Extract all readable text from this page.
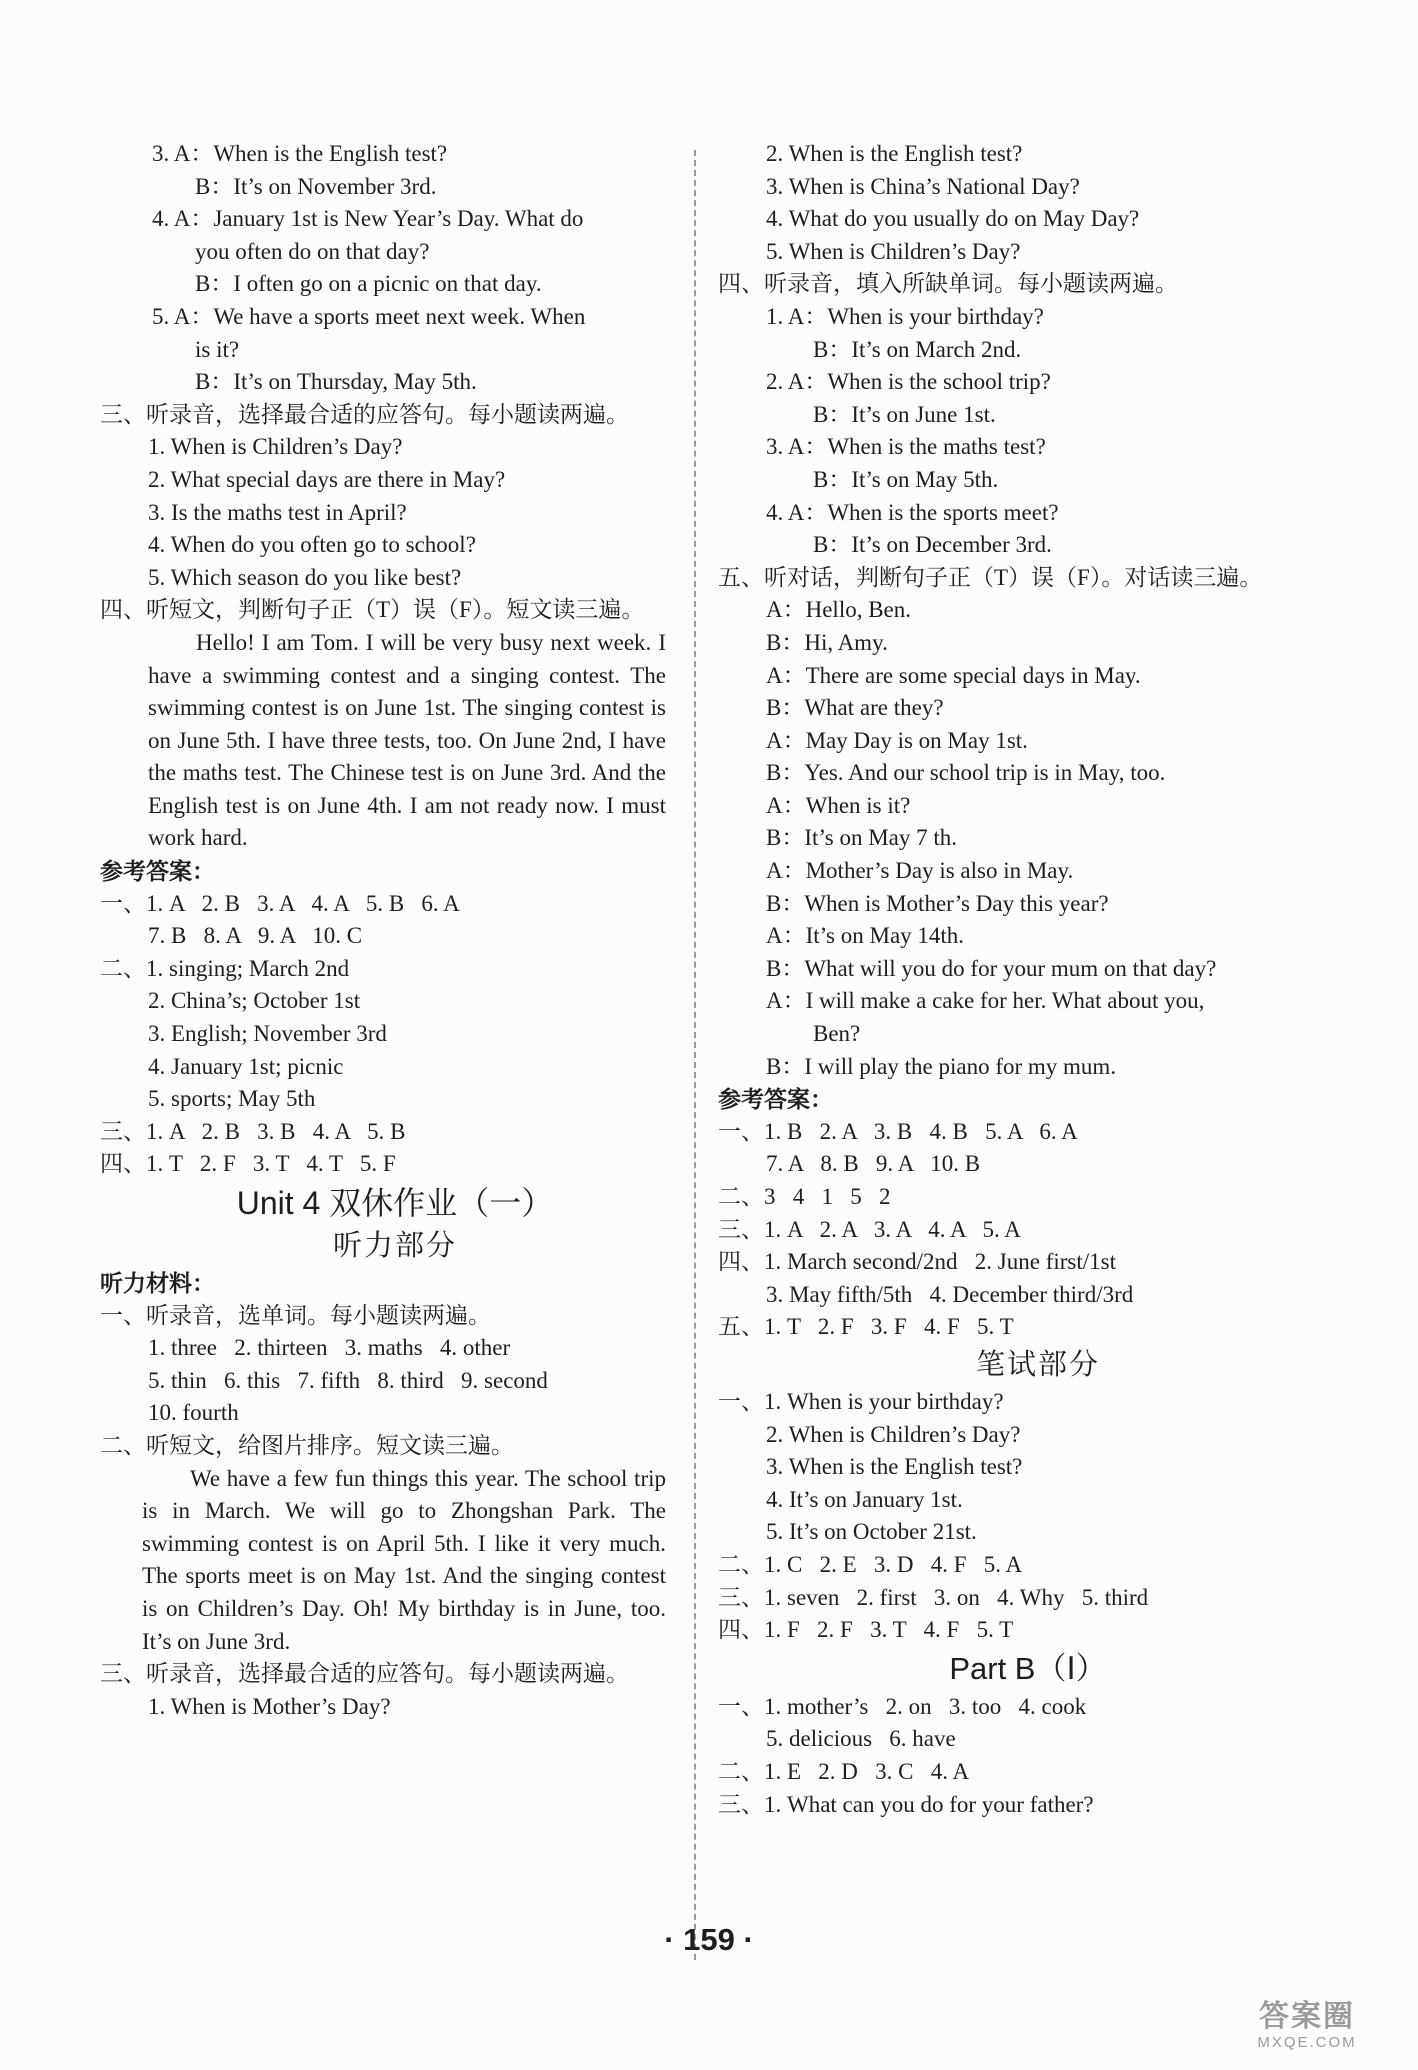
3. A：When is the English test?
B：It’s on November 3rd.
4. A：January 1st is New Year’s Day. What do
you often do on that day?
B：I often go on a picnic on that day.
5. A：We have a sports meet next week. When
is it?
B：It’s on Thursday, May 5th.
三、听录音，选择最合适的应答句。每小题读两遍。
1. When is Children’s Day?
2. What special days are there in May?
3. Is the maths test in April?
4. When do you often go to school?
5. Which season do you like best?
四、听短文，判断句子正（T）误（F）。短文读三遍。
Hello! I am Tom. I will be very busy next week. I have a swimming contest and a singing contest. The swimming contest is on June 1st. The singing contest is on June 5th. I have three tests, too. On June 2nd, I have the maths test. The Chinese test is on June 3rd. And the English test is on June 4th. I am not ready now. I must work hard.
参考答案：
一、1. A   2. B   3. A   4. A   5. B   6. A
7. B   8. A   9. A   10. C
二、1. singing; March 2nd
2. China’s; October 1st
3. English; November 3rd
4. January 1st; picnic
5. sports; May 5th
三、1. A   2. B   3. B   4. A   5. B
四、1. T   2. F   3. T   4. T   5. F
Unit 4 双休作业（一）
听力部分
听力材料：
一、听录音，选单词。每小题读两遍。
1. three   2. thirteen   3. maths   4. other
5. thin   6. this   7. fifth   8. third   9. second
10. fourth
二、听短文，给图片排序。短文读三遍。
We have a few fun things this year. The school trip is in March. We will go to Zhongshan Park. The swimming contest is on April 5th. I like it very much. The sports meet is on May 1st. And the singing contest is on Children’s Day. Oh! My birthday is in June, too. It’s on June 3rd.
三、听录音，选择最合适的应答句。每小题读两遍。
1. When is Mother’s Day?
2. When is the English test?
3. When is China’s National Day?
4. What do you usually do on May Day?
5. When is Children’s Day?
四、听录音，填入所缺单词。每小题读两遍。
1. A：When is your birthday?
B：It’s on March 2nd.
2. A：When is the school trip?
B：It’s on June 1st.
3. A：When is the maths test?
B：It’s on May 5th.
4. A：When is the sports meet?
B：It’s on December 3rd.
五、听对话，判断句子正（T）误（F）。对话读三遍。
A：Hello, Ben.
B：Hi, Amy.
A：There are some special days in May.
B：What are they?
A：May Day is on May 1st.
B：Yes. And our school trip is in May, too.
A：When is it?
B：It’s on May 7 th.
A：Mother’s Day is also in May.
B：When is Mother’s Day this year?
A：It’s on May 14th.
B：What will you do for your mum on that day?
A：I will make a cake for her. What about you,
Ben?
B：I will play the piano for my mum.
参考答案：
一、1. B   2. A   3. B   4. B   5. A   6. A
7. A   8. B   9. A   10. B
二、3   4   1   5   2
三、1. A   2. A   3. A   4. A   5. A
四、1. March second/2nd   2. June first/1st
3. May fifth/5th   4. December third/3rd
五、1. T   2. F   3. F   4. F   5. T
笔试部分
一、1. When is your birthday?
2. When is Children’s Day?
3. When is the English test?
4. It’s on January 1st.
5. It’s on October 21st.
二、1. C   2. E   3. D   4. F   5. A
三、1. seven   2. first   3. on   4. Why   5. third
四、1. F   2. F   3. T   4. F   5. T
Part B（Ⅰ）
一、1. mother’s   2. on   3. too   4. cook
5. delicious   6. have
二、1. E   2. D   3. C   4. A
三、1. What can you do for your father?
· 159 ·
答案圈
MXQE.COM
